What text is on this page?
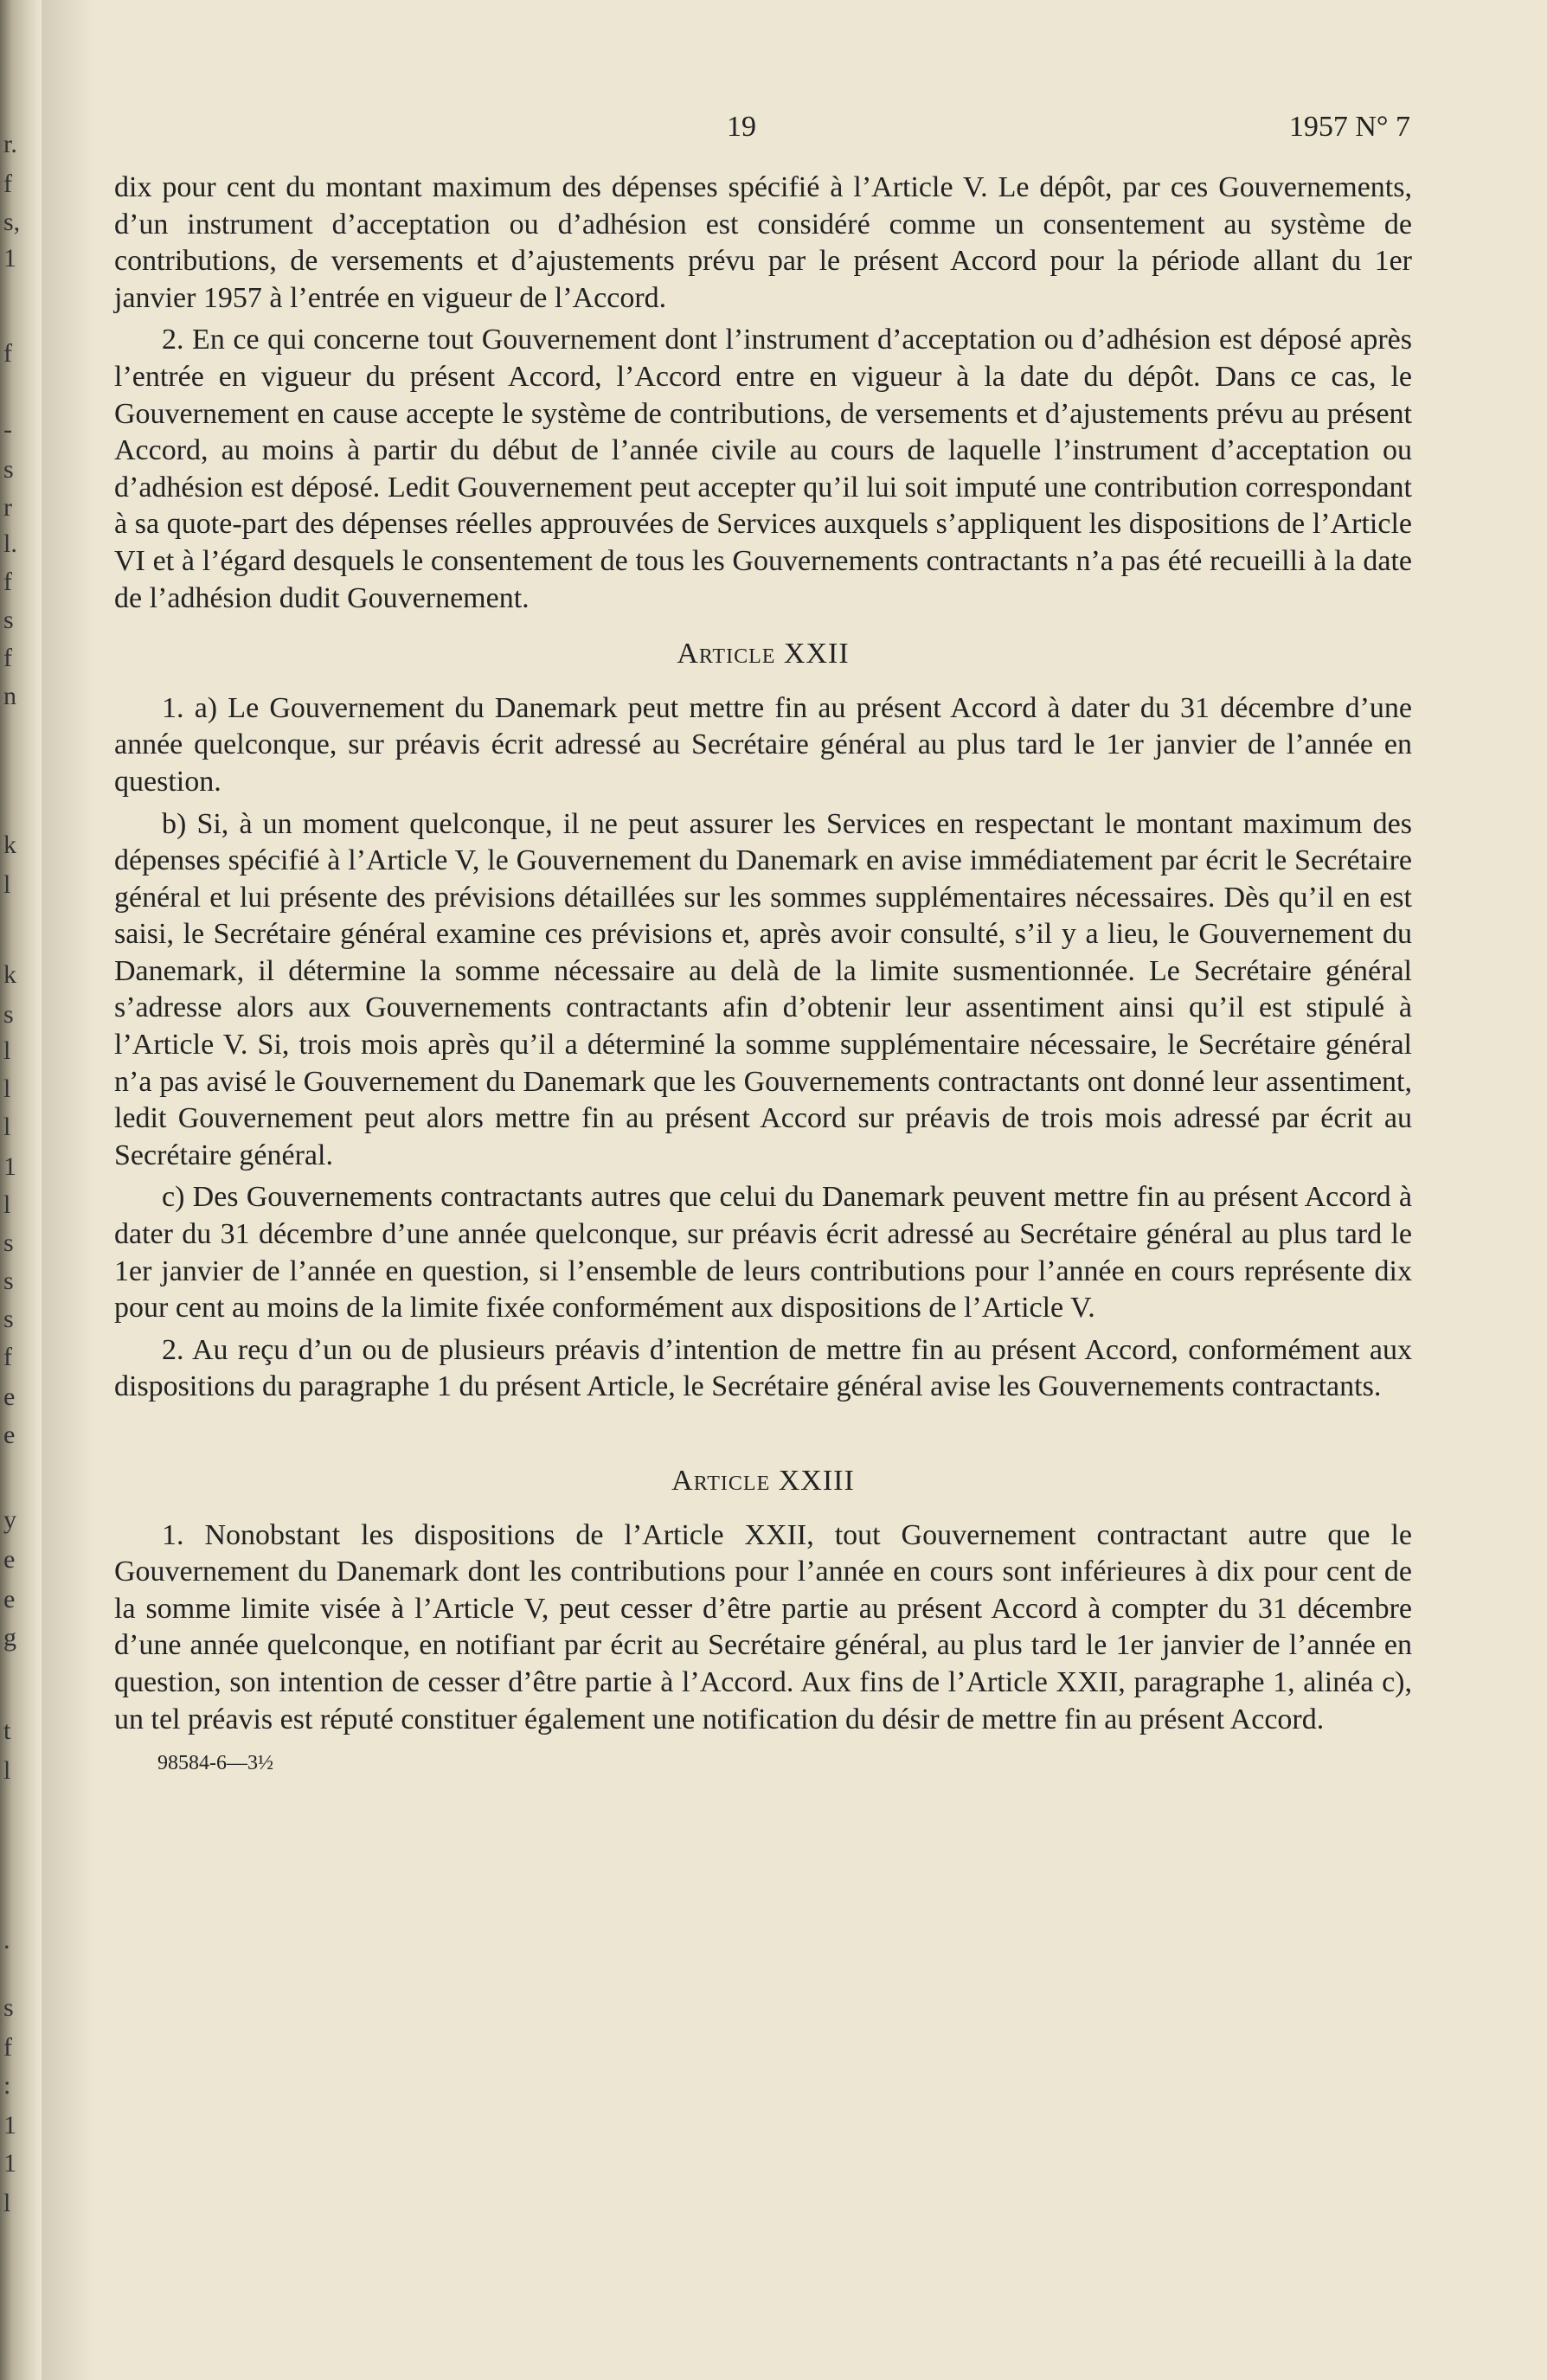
r.
f
s,
1
f
-
s
r
l.
f
s
f
n
k
l
k
s
l
l
l
1
l
s
s
s
f
e
e
y
e
e
g
t
l
.
s
f
:
1
1
l
19	1957 N° 7

dix pour cent du montant maximum des dépenses spécifié à l’Article V. Le dépôt, par ces Gouvernements, d’un instrument d’acceptation ou d’adhésion est considéré comme un consentement au système de contributions, de versements et d’ajustements prévu par le présent Accord pour la période allant du 1er janvier 1957 à l’entrée en vigueur de l’Accord.

2. En ce qui concerne tout Gouvernement dont l’instrument d’acceptation ou d’adhésion est déposé après l’entrée en vigueur du présent Accord, l’Accord entre en vigueur à la date du dépôt. Dans ce cas, le Gouvernement en cause accepte le système de contributions, de versements et d’ajustements prévu au présent Accord, au moins à partir du début de l’année civile au cours de laquelle l’instrument d’acceptation ou d’adhésion est déposé. Ledit Gouvernement peut accepter qu’il lui soit imputé une contribution correspondant à sa quote-part des dépenses réelles approuvées de Services auxquels s’appliquent les dispositions de l’Article VI et à l’égard desquels le consentement de tous les Gouvernements contractants n’a pas été recueilli à la date de l’adhésion dudit Gouvernement.

Article XXII

1. a) Le Gouvernement du Danemark peut mettre fin au présent Accord à dater du 31 décembre d’une année quelconque, sur préavis écrit adressé au Secrétaire général au plus tard le 1er janvier de l’année en question.

b) Si, à un moment quelconque, il ne peut assurer les Services en respectant le montant maximum des dépenses spécifié à l’Article V, le Gouvernement du Danemark en avise immédiatement par écrit le Secrétaire général et lui présente des prévisions détaillées sur les sommes supplémentaires nécessaires. Dès qu’il en est saisi, le Secrétaire général examine ces prévisions et, après avoir consulté, s’il y a lieu, le Gouvernement du Danemark, il détermine la somme nécessaire au delà de la limite susmentionnée. Le Secrétaire général s’adresse alors aux Gouvernements contractants afin d’obtenir leur assentiment ainsi qu’il est stipulé à l’Article V. Si, trois mois après qu’il a déterminé la somme supplémentaire nécessaire, le Secrétaire général n’a pas avisé le Gouvernement du Danemark que les Gouvernements contractants ont donné leur assentiment, ledit Gouvernement peut alors mettre fin au présent Accord sur préavis de trois mois adressé par écrit au Secrétaire général.

c) Des Gouvernements contractants autres que celui du Danemark peuvent mettre fin au présent Accord à dater du 31 décembre d’une année quelconque, sur préavis écrit adressé au Secrétaire général au plus tard le 1er janvier de l’année en question, si l’ensemble de leurs contributions pour l’année en cours représente dix pour cent au moins de la limite fixée conformément aux dispositions de l’Article V.

2. Au reçu d’un ou de plusieurs préavis d’intention de mettre fin au présent Accord, conformément aux dispositions du paragraphe 1 du présent Article, le Secrétaire général avise les Gouvernements contractants.

Article XXIII

1. Nonobstant les dispositions de l’Article XXII, tout Gouvernement contractant autre que le Gouvernement du Danemark dont les contributions pour l’année en cours sont inférieures à dix pour cent de la somme limite visée à l’Article V, peut cesser d’être partie au présent Accord à compter du 31 décembre d’une année quelconque, en notifiant par écrit au Secrétaire général, au plus tard le 1er janvier de l’année en question, son intention de cesser d’être partie à l’Accord. Aux fins de l’Article XXII, paragraphe 1, alinéa c), un tel préavis est réputé constituer également une notification du désir de mettre fin au présent Accord.

98584-6—3½
